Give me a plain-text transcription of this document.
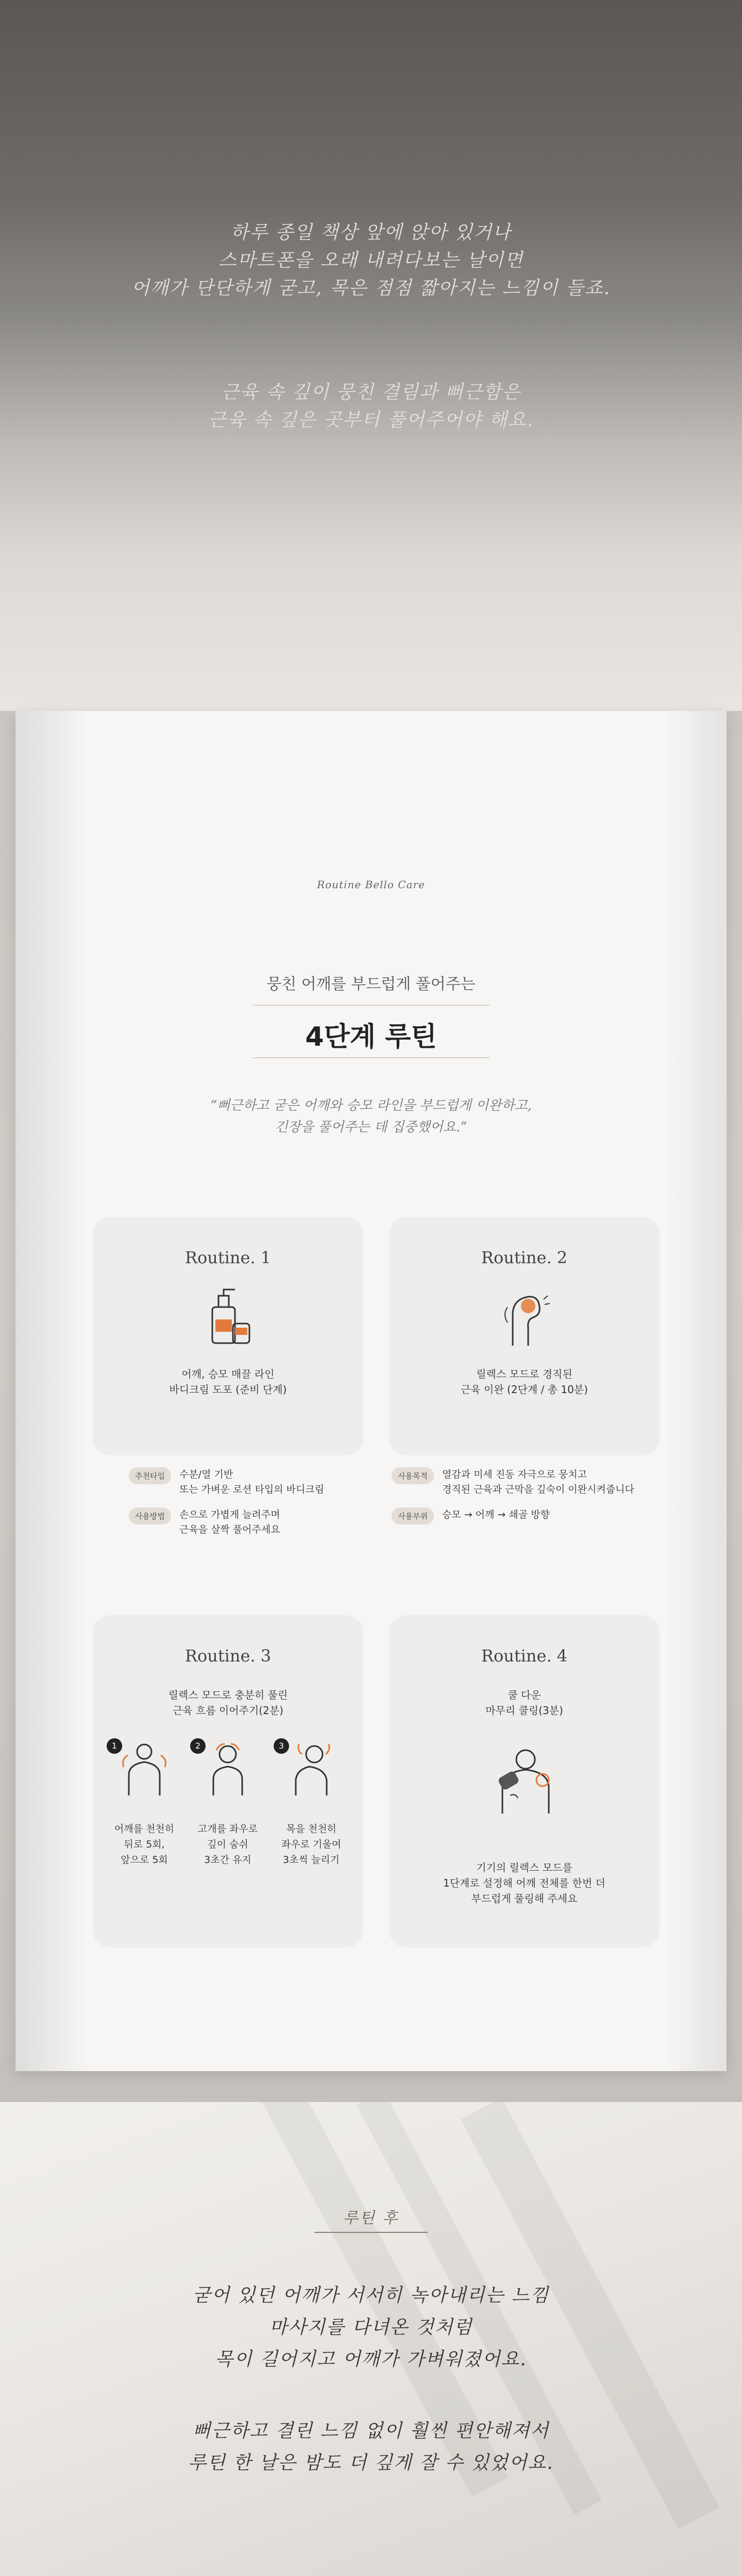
하루 종일 책상 앞에 앉아 있거나

스마트폰을 오래 내려다보는 날이면

어깨가 단단하게 굳고, 목은 점점 짧아지는 느낌이 들죠.

근육 속 깊이 뭉친 결림과 뻐근함은

근육 속 깊은 곳부터 풀어주어야 해요.

Routine Bello Care
뭉친 어깨를 부드럽게 풀어주는
4단계 루틴
“뻐근하고 굳은 어깨와 승모 라인을 부드럽게 이완하고,
긴장을 풀어주는 데 집중했어요.”
Routine. 1
어깨, 승모 매끌 라인
바디크림 도포 (준비 단계)
추천타입	수분/열 기반
또는 가벼운 로션 타입의 바디크림
사용방법	손으로 가볍게 늘려주며
근육을 살짝 풀어주세요
Routine. 2
릴렉스 모드로 경직된
근육 이완 (2단계 / 총 10분)
사용목적	열감과 미세 진동 자극으로 뭉치고
경직된 근육과 근막을 깊숙이 이완시켜줍니다
사용부위	승모 → 어깨 → 쇄골 방향
Routine. 3
릴렉스 모드로 충분히 풀린
근육 흐름 이어주기(2분)
어깨를 천천히
뒤로 5회,
앞으로 5회
1
고개를 좌우로
깊이 숨쉬
3초간 유지
2
목을 천천히
좌우로 기울여
3초씩 늘리기
3
Routine. 4
쿨 다운
마무리 쿨링(3분)
기기의 릴렉스 모드를
1단계로 설정해 어깨 전체를 한번 더
부드럽게 풀링해 주세요
루틴 후
굳어 있던 어깨가 서서히 녹아내리는 느낌
마사지를 다녀온 것처럼
목이 길어지고 어깨가 가벼워졌어요.
뻐근하고 결린 느낌 없이 훨씬 편안해져서
루틴 한 날은 밤도 더 깊게 잘 수 있었어요.
